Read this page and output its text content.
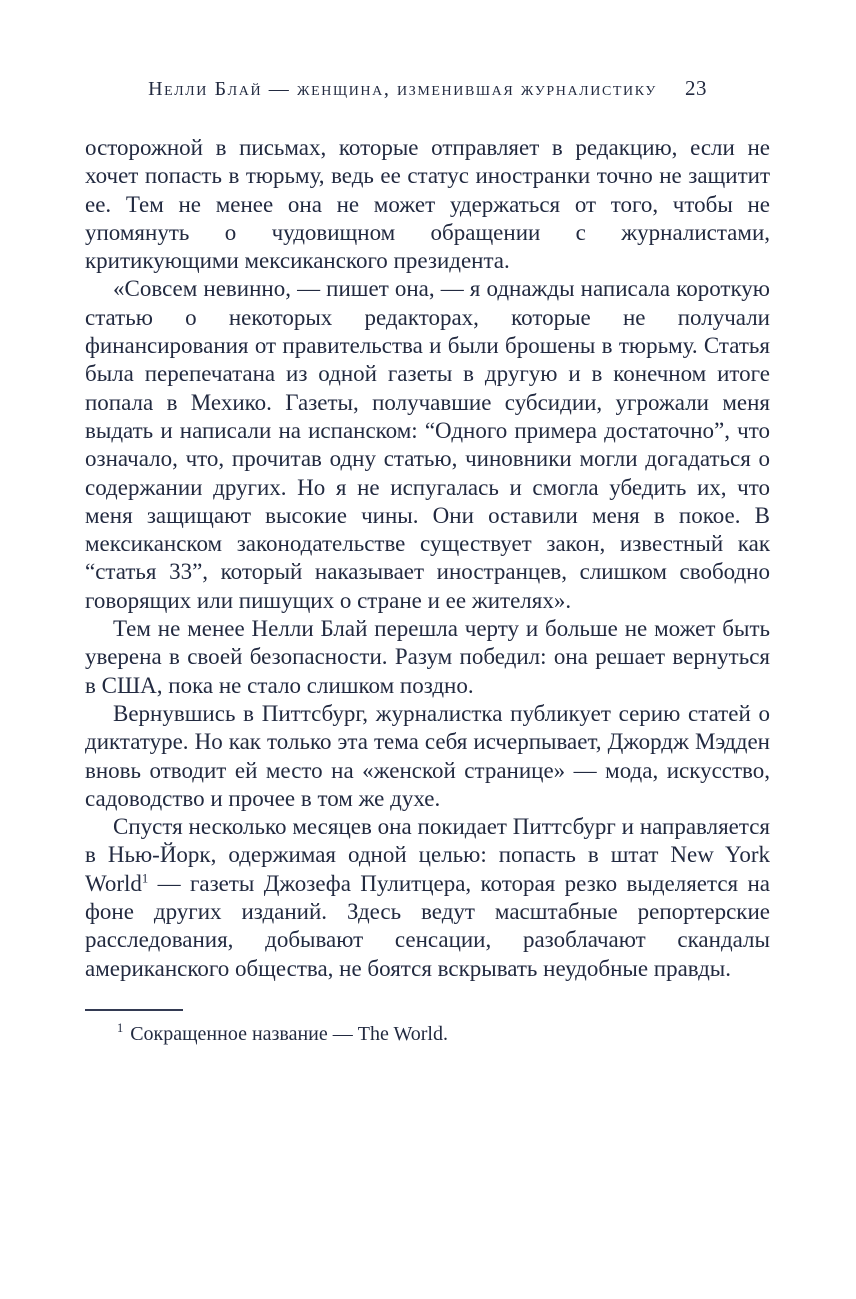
Нелли Блай — женщина, изменившая журналистику 23

осторожной в письмах, которые отправляет в редакцию, если не хочет попасть в тюрьму, ведь ее статус иностранки точно не защитит ее. Тем не менее она не может удержаться от того, чтобы не упомянуть о чудовищном обращении с журналистами, критикующими мексиканского президента.

«Совсем невинно, — пишет она, — я однажды написала короткую статью о некоторых редакторах, которые не получали финансирования от правительства и были брошены в тюрьму. Статья была перепечатана из одной газеты в другую и в конечном итоге попала в Мехико. Газеты, получавшие субсидии, угрожали меня выдать и написали на испанском: “Одного примера достаточно”, что означало, что, прочитав одну статью, чиновники могли догадаться о содержании других. Но я не испугалась и смогла убедить их, что меня защищают высокие чины. Они оставили меня в покое. В мексиканском законодательстве существует закон, известный как “статья 33”, который наказывает иностранцев, слишком свободно говорящих или пишущих о стране и ее жителях».

Тем не менее Нелли Блай перешла черту и больше не может быть уверена в своей безопасности. Разум победил: она решает вернуться в США, пока не стало слишком поздно.

Вернувшись в Питтсбург, журналистка публикует серию статей о диктатуре. Но как только эта тема себя исчерпывает, Джордж Мэдден вновь отводит ей место на «женской странице» — мода, искусство, садоводство и прочее в том же духе.

Спустя несколько месяцев она покидает Питтсбург и направляется в Нью-Йорк, одержимая одной целью: попасть в штат New York World$^1$ — газеты Джозефа Пулитцера, которая резко выделяется на фоне других изданий. Здесь ведут масштабные репортерские расследования, добывают сенсации, разоблачают скандалы американского общества, не боятся вскрывать неудобные правды.

$^1$ Сокращенное название — The World.
